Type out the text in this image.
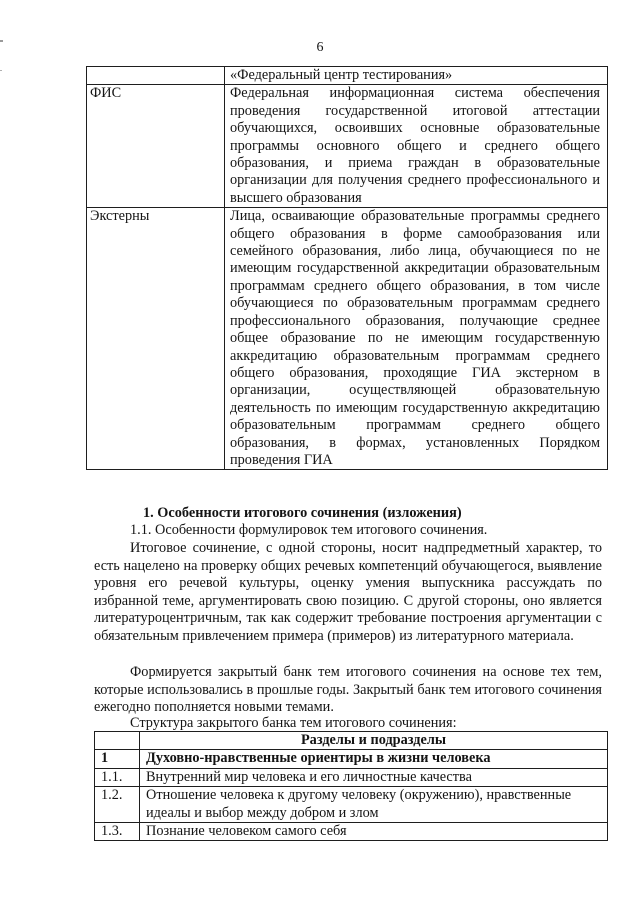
6
	«Федеральный центр тестирования»
ФИС	Федеральная информационная система обеспечения проведения государственной итоговой аттестации обучающихся, освоивших основные образовательные программы основного общего и среднего общего образования, и приема граждан в образовательные организации для получения среднего профессионального и высшего образования
Экстерны	Лица, осваивающие образовательные программы среднего общего образования в форме самообразования или семейного образования, либо лица, обучающиеся по не имеющим государственной аккредитации образовательным программам среднего общего образования, в том числе обучающиеся по образовательным программам среднего профессионального образования, получающие среднее общее образование по не имеющим государственную аккредитацию образовательным программам среднего общего образования, проходящие ГИА экстерном в организации, осуществляющей образовательную деятельность по имеющим государственную аккредитацию образовательным программам среднего общего образования, в формах, установленных Порядком проведения ГИА
1. Особенности итогового сочинения (изложения)
1.1. Особенности формулировок тем итогового сочинения.

Итоговое сочинение, с одной стороны, носит надпредметный характер, то есть нацелено на проверку общих речевых компетенций обучающегося, выявление уровня его речевой культуры, оценку умения выпускника рассуждать по избранной теме, аргументировать свою позицию. С другой стороны, оно является литературоцентричным, так как содержит требование построения аргументации с обязательным привлечением примера (примеров) из литературного материала.

Формируется закрытый банк тем итогового сочинения на основе тех тем, которые использовались в прошлые годы. Закрытый банк тем итогового сочинения ежегодно пополняется новыми темами.

Структура закрытого банка тем итогового сочинения:

	Разделы и подразделы
1	Духовно-нравственные ориентиры в жизни человека
1.1.	Внутренний мир человека и его личностные качества
1.2.	Отношение человека к другому человеку (окружению), нравственные идеалы и выбор между добром и злом
1.3.	Познание человеком самого себя
